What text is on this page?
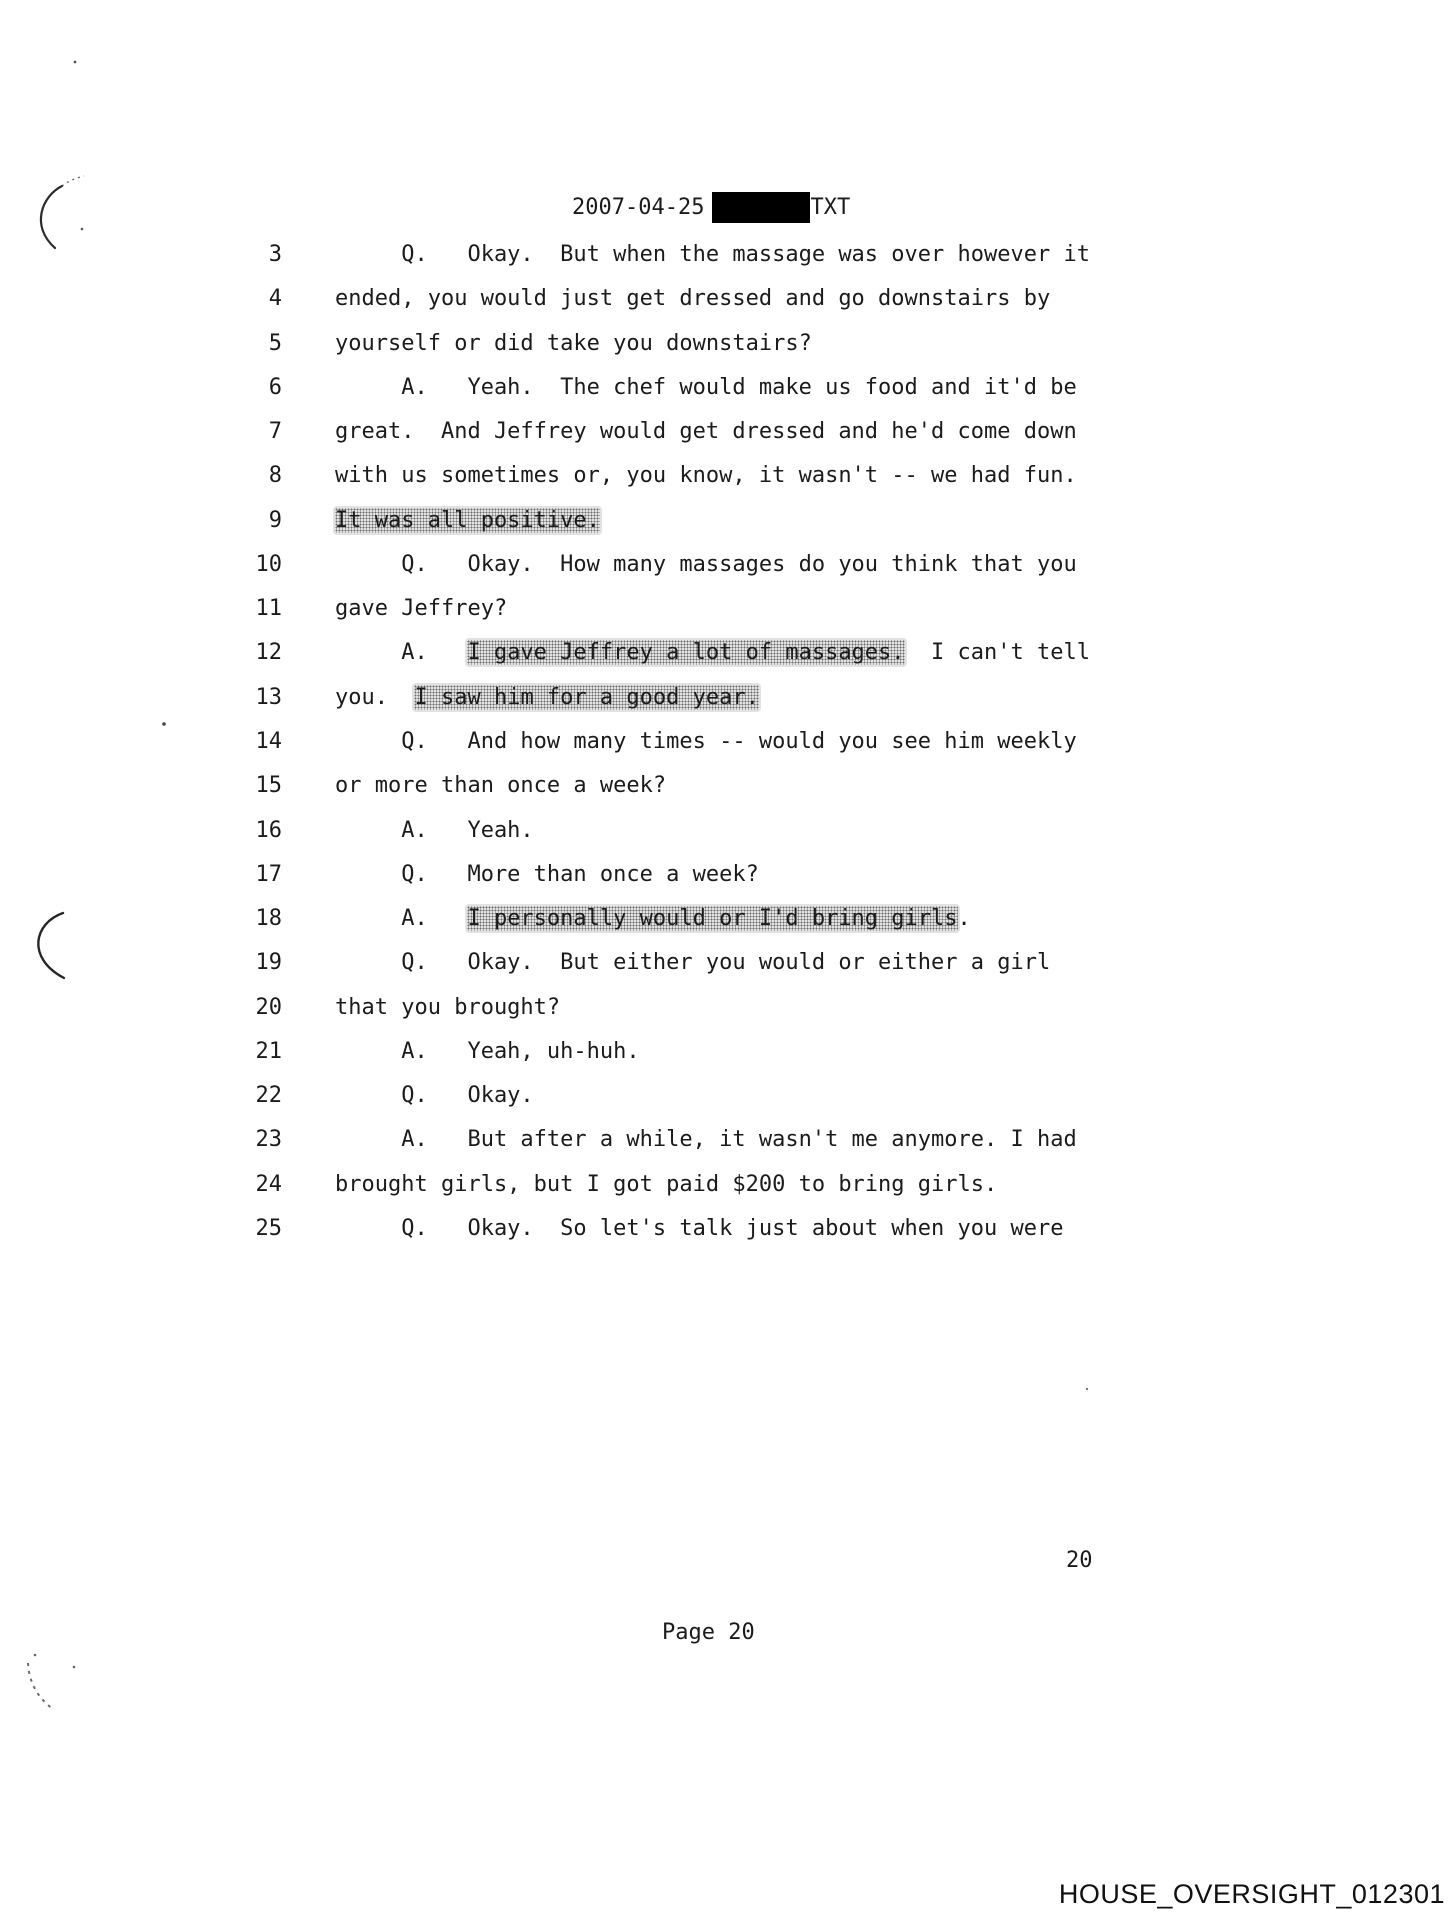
2007-04-25	TXT
3 Q.   Okay.  But when the massage was over however it
4 ended, you would just get dressed and go downstairs by
5 yourself or did take you downstairs?
6 A.   Yeah.  The chef would make us food and it'd be
7 great.  And Jeffrey would get dressed and he'd come down
8 with us sometimes or, you know, it wasn't -- we had fun.
9 It was all positive.
10 Q.   Okay.  How many massages do you think that you
11 gave Jeffrey?
12 A.   I gave Jeffrey a lot of massages.  I can't tell
13 you.  I saw him for a good year.
14 Q.   And how many times -- would you see him weekly
15 or more than once a week?
16 A.   Yeah.
17 Q.   More than once a week?
18 A.   I personally would or I'd bring girls.
19 Q.   Okay.  But either you would or either a girl
20 that you brought?
21 A.   Yeah, uh-huh.
22 Q.   Okay.
23 A.   But after a while, it wasn't me anymore. I had
24 brought girls, but I got paid $200 to bring girls.
25 Q.   Okay.  So let's talk just about when you were
20
Page 20
HOUSE_OVERSIGHT_012301
